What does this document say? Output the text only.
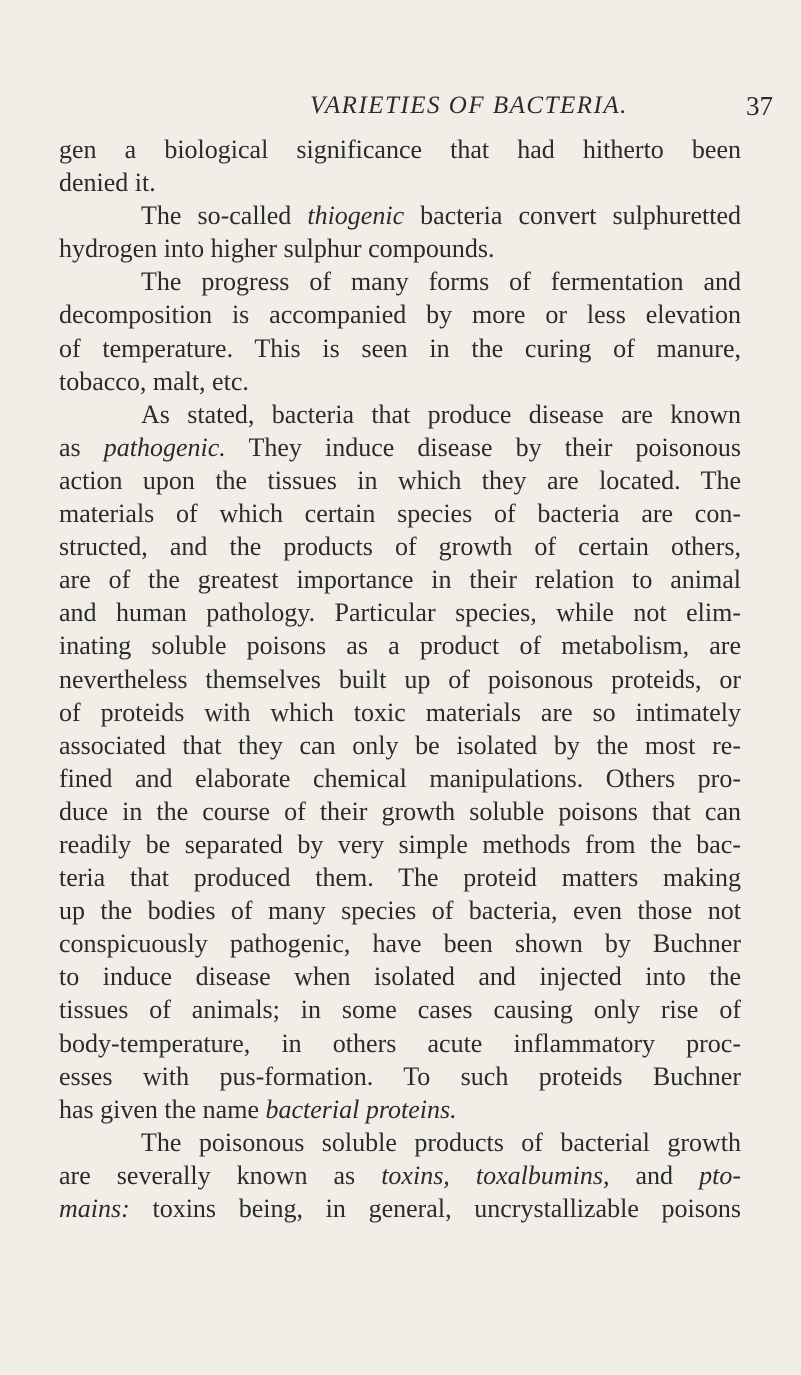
VARIETIES OF BACTERIA.	37
gen a biological significance that had hitherto been
denied it.
The so-called thiogenic bacteria convert sulphuretted
hydrogen into higher sulphur compounds.
The progress of many forms of fermentation and
decomposition is accompanied by more or less elevation
of temperature. This is seen in the curing of manure,
tobacco, malt, etc.
As stated, bacteria that produce disease are known
as pathogenic. They induce disease by their poisonous
action upon the tissues in which they are located. The
materials of which certain species of bacteria are con-
structed, and the products of growth of certain others,
are of the greatest importance in their relation to animal
and human pathology. Particular species, while not elim-
inating soluble poisons as a product of metabolism, are
nevertheless themselves built up of poisonous proteids, or
of proteids with which toxic materials are so intimately
associated that they can only be isolated by the most re-
fined and elaborate chemical manipulations. Others pro-
duce in the course of their growth soluble poisons that can
readily be separated by very simple methods from the bac-
teria that produced them. The proteid matters making
up the bodies of many species of bacteria, even those not
conspicuously pathogenic, have been shown by Buchner
to induce disease when isolated and injected into the
tissues of animals; in some cases causing only rise of
body-temperature, in others acute inflammatory proc-
esses with pus-formation. To such proteids Buchner
has given the name bacterial proteins.
The poisonous soluble products of bacterial growth
are severally known as toxins, toxalbumins, and pto-
mains: toxins being, in general, uncrystallizable poisons
